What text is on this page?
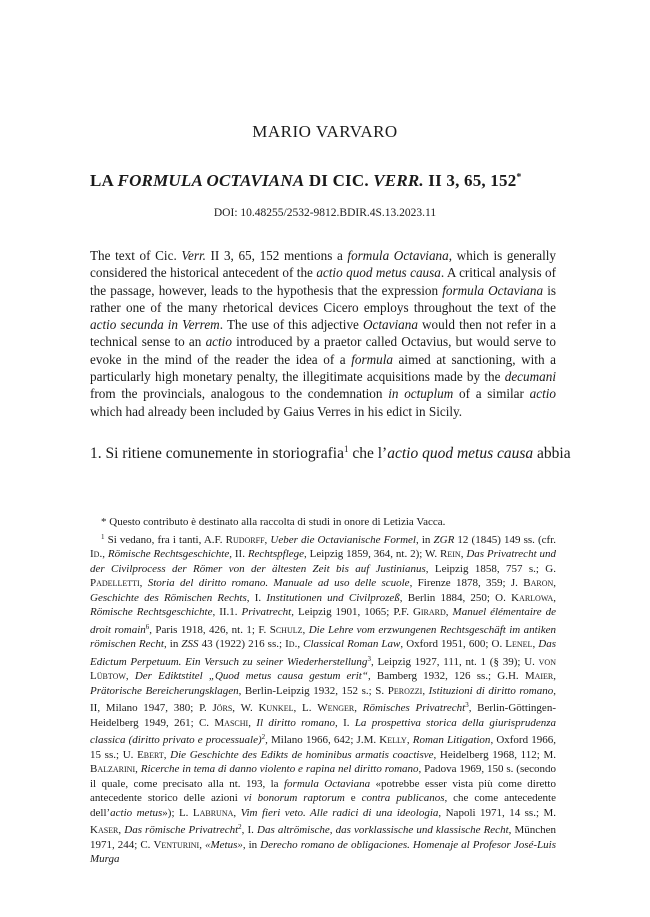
MARIO VARVARO
LA FORMULA OCTAVIANA DI CIC. VERR. II 3, 65, 152*
DOI: 10.48255/2532-9812.BDIR.4S.13.2023.11

The text of Cic. Verr. II 3, 65, 152 mentions a formula Octaviana, which is generally considered the historical antecedent of the actio quod metus causa. A critical analysis of the passage, however, leads to the hypothesis that the expression formula Octaviana is rather one of the many rhetorical devices Cicero employs throughout the text of the actio secunda in Verrem. The use of this adjective Octaviana would then not refer in a technical sense to an actio introduced by a praetor called Octavius, but would serve to evoke in the mind of the reader the idea of a formula aimed at sanctioning, with a particularly high monetary penalty, the illegitimate acquisitions made by the decumani from the provincials, analogous to the condemnation in octuplum of a similar actio which had already been included by Gaius Verres in his edict in Sicily.

1. Si ritiene comunemente in storiografia$^1$ che l’actio quod metus causa abbia

* Questo contributo è destinato alla raccolta di studi in onore di Letizia Vacca.

$^1$ Si vedano, fra i tanti, A.F. Rudorff, Ueber die Octavianische Formel, in ZGR 12 (1845) 149 ss. (cfr. Id., Römische Rechtsgeschichte, II. Rechtspflege, Leipzig 1859, 364, nt. 2); W. Rein, Das Privatrecht und der Civilprocess der Römer von der ältesten Zeit bis auf Justinianus, Leipzig 1858, 757 s.; G. Padelletti, Storia del diritto romano. Manuale ad uso delle scuole, Firenze 1878, 359; J. Baron, Geschichte des Römischen Rechts, I. Institutionen und Civilprozeß, Berlin 1884, 250; O. Karlowa, Römische Rechtsgeschichte, II.1. Privatrecht, Leipzig 1901, 1065; P.F. Girard, Manuel élémentaire de droit romain$^6$, Paris 1918, 426, nt. 1; F. Schulz, Die Lehre vom erzwungenen Rechtsgeschäft im antiken römischen Recht, in ZSS 43 (1922) 216 ss.; Id., Classical Roman Law, Oxford 1951, 600; O. Lenel, Das Edictum Perpetuum. Ein Versuch zu seiner Wiederherstellung$^3$, Leipzig 1927, 111, nt. 1 (§ 39); U. von Lübtow, Der Ediktstitel „Quod metus causa gestum erit“, Bamberg 1932, 126 ss.; G.H. Maier, Prätorische Bereicherungsklagen, Berlin-Leipzig 1932, 152 s.; S. Perozzi, Istituzioni di diritto romano, II, Milano 1947, 380; P. Jörs, W. Kunkel, L. Wenger, Römisches Privatrecht$^3$, Berlin-Göttingen-Heidelberg 1949, 261; C. Maschi, Il diritto romano, I. La prospettiva storica della giurisprudenza classica (diritto privato e processuale)$^2$, Milano 1966, 642; J.M. Kelly, Roman Litigation, Oxford 1966, 15 ss.; U. Ebert, Die Geschichte des Edikts de hominibus armatis coactisve, Heidelberg 1968, 112; M. Balzarini, Ricerche in tema di danno violento e rapina nel diritto romano, Padova 1969, 150 s. (secondo il quale, come precisato alla nt. 193, la formula Octaviana «potrebbe esser vista più come diretto antecedente storico delle azioni vi bonorum raptorum e contra publicanos, che come antecedente dell’actio metus»); L. Labruna, Vim fieri veto. Alle radici di una ideologia, Napoli 1971, 14 ss.; M. Kaser, Das römische Privatrecht$^2$, I. Das altrömische, das vorklassische und klassische Recht, München 1971, 244; C. Venturini, «Metus», in Derecho romano de obligaciones. Homenaje al Profesor José-Luis Murga
